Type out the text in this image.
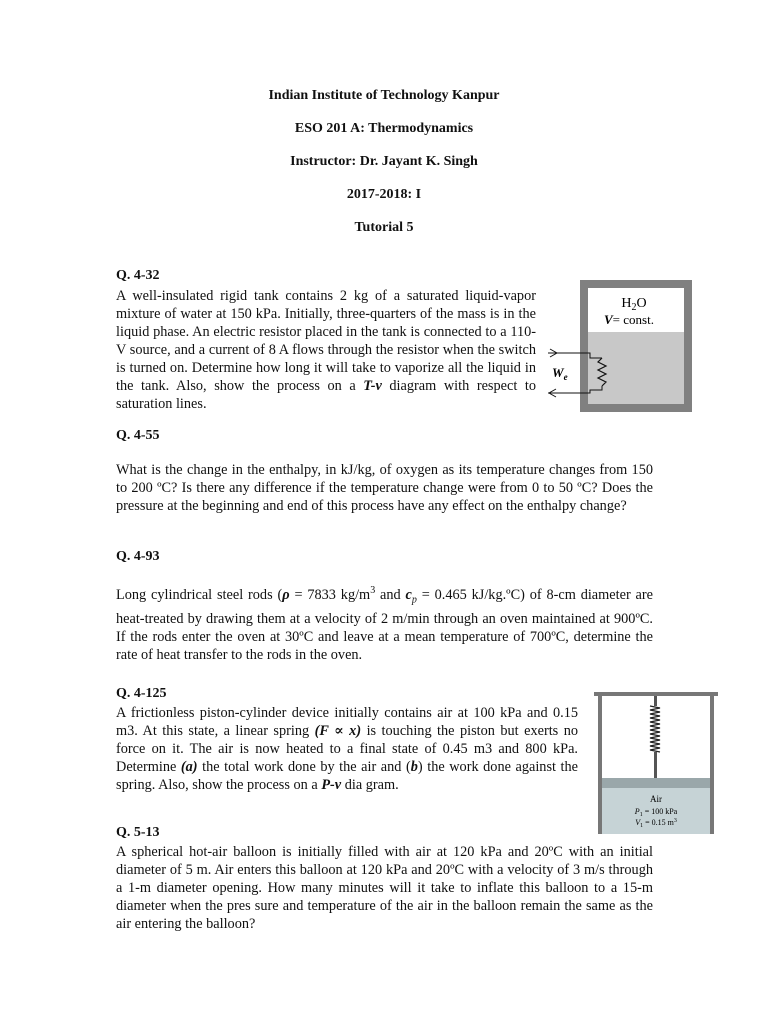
Indian Institute of Technology Kanpur
ESO 201 A: Thermodynamics
Instructor: Dr. Jayant K. Singh
2017-2018: I
Tutorial 5
Q. 4-32

A well-insulated rigid tank contains 2 kg of a saturated liquid-vapor mixture of water at 150 kPa. Initially, three-quarters of the mass is in the liquid phase. An electric resistor placed in the tank is connected to a 110-V source, and a current of 8 A flows through the resistor when the switch is turned on. Determine how long it will take to vaporize all the liquid in the tank. Also, show the process on a T-v diagram with respect to saturation lines.

$H_2O$
V= const.
$W_e$
Q. 4-55

What is the change in the enthalpy, in kJ/kg, of oxygen as its temperature changes from 150 to 200 ºC? Is there any difference if the temperature change were from 0 to 50 ºC? Does the pressure at the beginning and end of this process have any effect on the enthalpy change?

Q. 4-93

Long cylindrical steel rods (ρ = 7833 $kg/m^3$ and $c_p = 0.465$ kJ/kg.ºC) of 8-cm diameter are heat-treated by drawing them at a velocity of 2 m/min through an oven maintained at 900ºC. If the rods enter the oven at 30ºC and leave at a mean temperature of 700ºC, determine the rate of heat transfer to the rods in the oven.

Q. 4-125

A frictionless piston-cylinder device initially contains air at 100 kPa and 0.15 m3. At this state, a linear spring (F ∝ x) is touching the piston but exerts no force on it. The air is now heated to a final state of 0.45 m3 and 800 kPa. Determine (a) the total work done by the air and (b) the work done against the spring. Also, show the process on a P-v dia gram.

Air
$P_1 = 100$ kPa
$V_1 = 0.15$ $m^3$
Q. 5-13

A spherical hot-air balloon is initially filled with air at 120 kPa and 20ºC with an initial diameter of 5 m. Air enters this balloon at 120 kPa and 20ºC with a velocity of 3 m/s through a 1-m diameter opening. How many minutes will it take to inflate this balloon to a 15-m diameter when the pres sure and temperature of the air in the balloon remain the same as the air entering the balloon?
